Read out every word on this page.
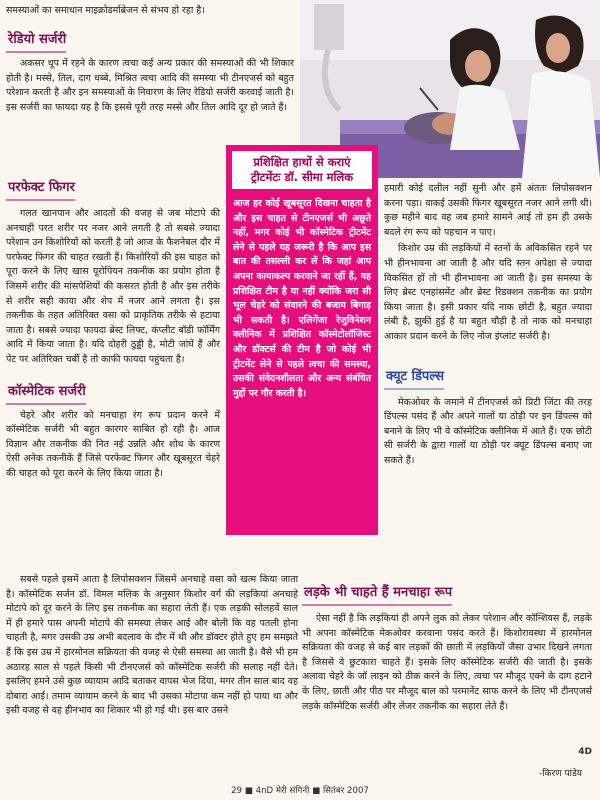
समस्याओं का समाधान माइक्रोडर्माब्रेजन से संभव हो रहा है।
रेडियो सर्जरी

अकसर धूप में रहने के कारण त्वचा कई अन्य प्रकार की समस्याओं की भी शिकार होती है। मस्से, तिल, दाग धब्बे, मिश्रित त्वचा आदि की समस्या भी टीनएजर्स को बहुत परेशान करती है और इन समस्याओं के निवारण के लिए रेडियो सर्जरी करवाई जाती है। इस सर्जरी का फायदा यह है कि इससे पूरी तरह मस्से और तिल आदि दूर हो जाते हैं।

परफेक्ट फिगर

गलत खानपान और आदतों की वजह से जब मोटापे की अनचाही परत शरीर पर नजर आने लगती है तो सबसे ज्यादा परेशान उन किशोरियों को करती है जो आज के फैशनेबल दौर में परफेक्ट फिगर की चाहत रखती हैं। किशोरियों की इस चाहत को पूरा करने के लिए खास यूरोपियन तकनीक का प्रयोग होता है जिसमें शरीर की मांसपेशियों की कसरत होती है और इस तरीके से शरीर सही काया और शेप में नजर आने लगता है। इस तकनीक के तहत अतिरिक्त वसा को प्राकृतिक तरीके से हटाया जाता है। सबसे ज्यादा फायदा ब्रेस्ट लिफ्ट, कंप्लीट बॉडी फॉर्मिंग आदि में किया जाता है। यदि दोहरी ठुड्डी है, मोटी जांघें हैं और पेट पर अतिरिक्त चर्बी है तो काफी फायदा पहुंचता है।

कॉस्मेटिक सर्जरी

चेहरे और शरीर को मनचाहा रंग रूप प्रदान करने में कॉस्मेटिक सर्जरी भी बहुत कारगर साबित हो रही है। आज विज्ञान और तकनीक की नित नई उन्नति और शोध के कारण ऐसी अनेक तकनीकें हैं जिसे परफेक्ट फिगर और खूबसूरत चेहरे की चाहत को पूरा करने के लिए किया जाता है।

सबसे पहले इसमें आता है लिपोसक्शन जिसमें अनचाहे वसा को खत्म किया जाता है। कॉस्मेटिक सर्जन डॉ. विमल मलिक के अनुसार किशोर वर्ग की लड़कियां अनचाहे मोटापे को दूर करने के लिए इस तकनीक का सहारा लेती हैं। एक लड़की सोलहवें साल में ही हमारे पास अपनी मोटापे की समस्या लेकर आई और बोली कि वह पतली होना चाहती है, मगर उसकी उम्र अभी बदलाव के दौर में थी और डॉक्टर होते हुए हम समझते हैं कि इस उम्र में हारमोनल सक्रियता की वजह से ऐसी समस्या आ जाती है। वैसे भी हम अठारह साल से पहले किसी भी टीनएजर्स को कॉस्मेटिक सर्जरी की सलाह नहीं देते। इसलिए हमने उसे कुछ व्यायाम आदि बताकर वापस भेज दिया, मगर तीन साल बाद वह दोबारा आई। तमाम व्यायाम करने के बाद भी उसका मोटापा कम नहीं हो पाया था और इसी वजह से वह हीनभाव का शिकार भी हो गई थी। इस बार उसने

प्रशिक्षित हाथों से कराएं ट्रीटमेंटः डॉ. सीमा मलिक
आज हर कोई खूबसूरत दिखना चाहता है और इस चाहत से टीनएजर्स भी अछूते नहीं, मगर कोई भी कॉस्मेटिक ट्रीटमेंट लेने से पहले यह जरूरी है कि आप इस बात की तसल्ली कर लें कि जहां आप अपना कायाकल्प करवाने जा रहीं हैं, वह प्रशिक्षित टीम है या नहीं क्योंकि जरा सी भूल चेहरे को संवारने की बजाय बिगाड़ भी सकती है। एलिगेंजा रेजुविनेशन क्लीनिक में प्रशिक्षित कॉस्मेटोलॉजिस्ट और डॉक्टर्स की टीम है जो कोई भी ट्रीटमेंट लेने से पहले त्वचा की समस्या, उसकी संवेदनशीलता और अन्य संबंधित मुद्दों पर गौर करती है।

हमारी कोई दलील नहीं सुनी और हमें अंततः लिपोसक्शन करना पड़ा। वाकई उसकी फिगर खूबसूरत नजर आने लगी थी। कुछ महीने बाद वह जब हमारे सामने आई तो हम ही उसके बदले रंग रूप को पहचान न पाए।

किशोर उम्र की लड़कियों में स्तनों के अविकसित रहने पर भी हीनभावना आ जाती है और यदि स्तन अपेक्षा से ज्यादा विकसित हों तो भी हीनभावना आ जाती है। इस समस्या के लिए ब्रेस्ट एनहांसमेंट और ब्रेस्ट रिडक्शन तकनीक का प्रयोग किया जाता है। इसी प्रकार यदि नाक छोटी है, बहुत ज्यादा लंबी है, झुकी हुई है या बहुत चौड़ी है तो नाक को मनचाहा आकार प्रदान करने के लिए नोज इंप्लांट सर्जरी है।

क्यूट डिंपल्स

मेकओवर के जमाने में टीनएजर्स को प्रिटी जिंटा की तरह डिंपल्स पसंद हैं और अपने गालों या ठोड़ी पर इन डिंपल्स को बनाने के लिए भी वे कॉस्मेटिक क्लीनिक में आते हैं। एक छोटी सी सर्जरी के द्वारा गालों या ठोड़ी पर क्यूट डिंपल्स बनाए जा सकते हैं।

लड़के भी चाहते हैं मनचाहा रूप

ऐसा नहीं है कि लड़कियां ही अपने लुक को लेकर परेशान और कॉन्शियस हैं, लड़के भी अपना कॉस्मेटिक मेकओवर करवाना पसंद करते हैं। किशोरावस्था में हारमोनल सक्रियता की वजह से कई बार लड़कों की छाती में लड़कियों जैसा उभार दिखने लगता है जिससे वे छुटकारा चाहते हैं। इसके लिए कॉस्मेटिक सर्जरी की जाती है। इसके अलावा चेहरे के जॉ लाइन को ठीक करने के लिए, त्वचा पर मौजूद एक्ने के दाग हटाने के लिए, छाती और पीठ पर मौजूद बाल को परमानेंट साफ करने के लिए भी टीनएजर्स लड़के कॉस्मेटिक सर्जरी और लेजर तकनीक का सहारा लेते हैं।

4D
-किरण पांडेय
29 ■ 4nD मेरी संगिनी ■ सितंबर 2007
